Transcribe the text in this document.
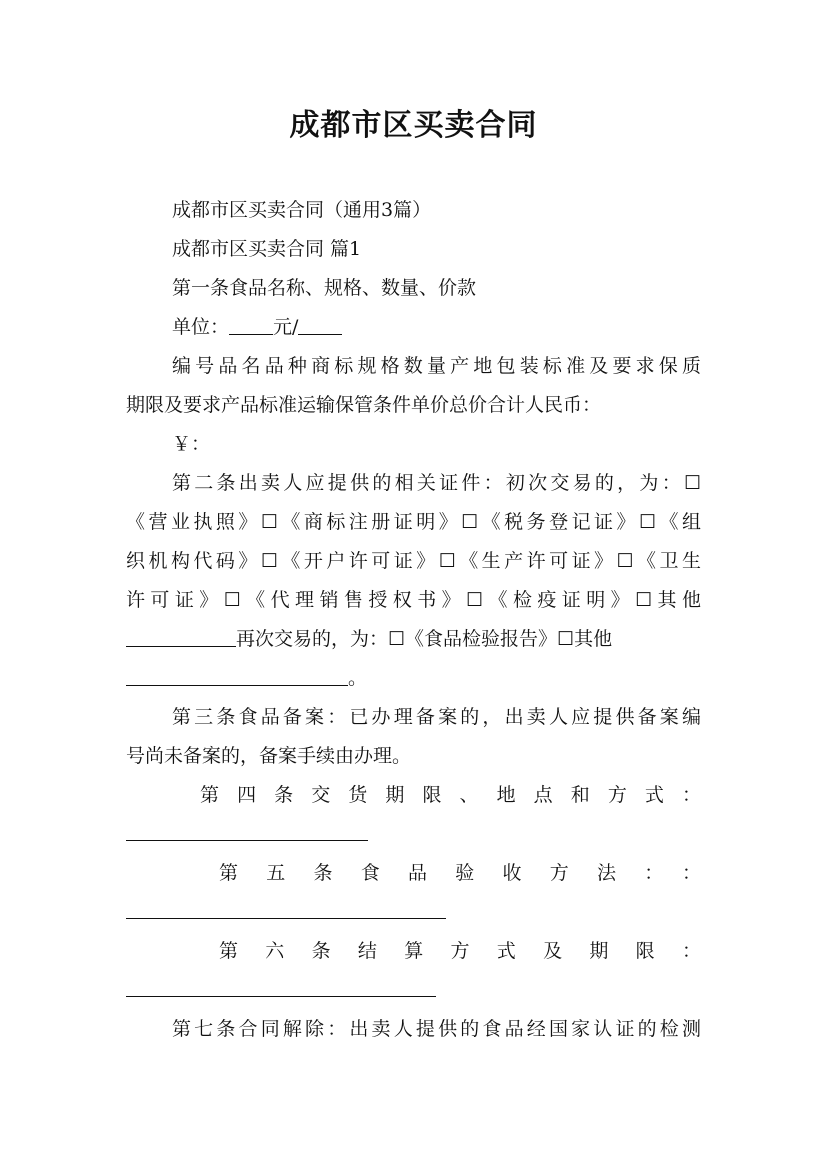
成都市区买卖合同
成都市区买卖合同（通用3篇）
成都市区买卖合同 篇1
第一条食品名称、规格、数量、价款
单位： 元/
编号品名品种商标规格数量产地包装标准及要求保质
期限及要求产品标准运输保管条件单价总价合计人民币：
￥：
第二条出卖人应提供的相关证件：初次交易的，为：☐
《营业执照》☐《商标注册证明》☐《税务登记证》☐《组
织机构代码》☐《开户许可证》☐《生产许可证》☐《卫生
许可证》☐《代理销售授权书》☐《检疫证明》☐其他
再次交易的，为：☐《食品检验报告》☐其他
。
第三条食品备案：已办理备案的，出卖人应提供备案编
号尚未备案的，备案手续由办理。
第四条交货期限、地点和方式：
第五条食品验收方法：：
第六条结算方式及期限：
第七条合同解除：出卖人提供的食品经国家认证的检测
